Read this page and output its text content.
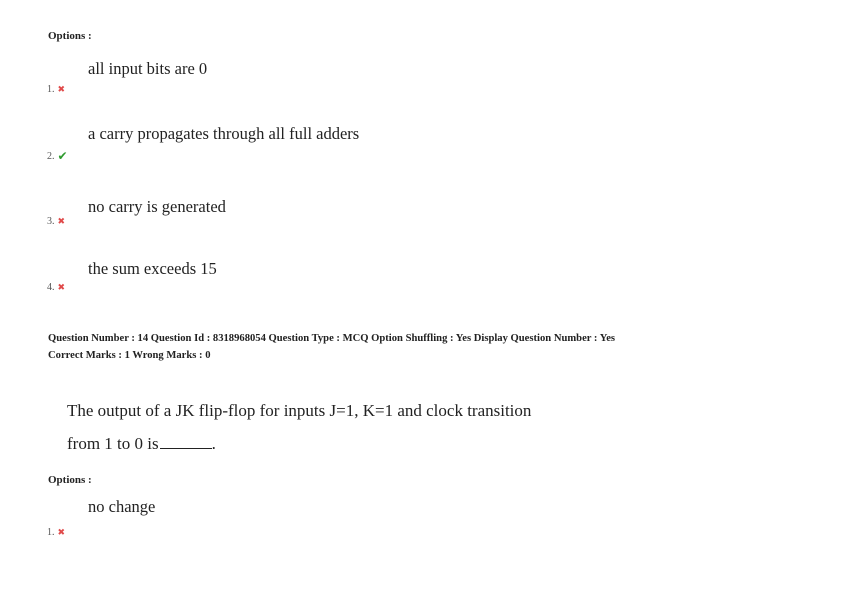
Options :
all input bits are 0
1. ✖
a carry propagates through all full adders
2. ✔
no carry is generated
3. ✖
the sum exceeds 15
4. ✖
Question Number : 14 Question Id : 8318968054 Question Type : MCQ Option Shuffling : Yes Display Question Number : Yes
Correct Marks : 1 Wrong Marks : 0
The output of a JK flip-flop for inputs J=1, K=1 and clock transition
from 1 to 0 is	.
Options :
no change
1. ✖
